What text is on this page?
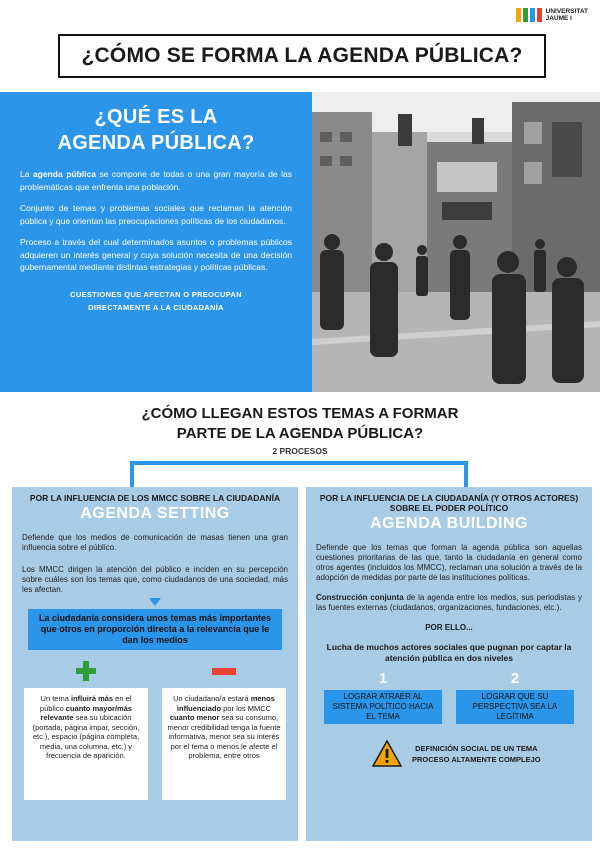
UNIVERSITAT
JAUME I
¿CÓMO SE FORMA LA AGENDA PÚBLICA?
¿QUÉ ES LA
AGENDA PÚBLICA?

La agenda pública se compone de todas o una gran mayoría de las problemáticas que enfrenta una población.

Conjunto de temas y problemas sociales que reclaman la atención pública y que orientan las preocupaciones políticas de los ciudadanos.

Proceso a través del cual determinados asuntos o problemas públicos adquieren un interés general y cuya solución necesita de una decisión gubernamental mediante distintas estrategias y políticas públicas.

CUESTIONES QUE AFECTAN O PREOCUPAN
DIRECTAMENTE A LA CIUDADANÍA
¿CÓMO LLEGAN ESTOS TEMAS A FORMAR
PARTE DE LA AGENDA PÚBLICA?
2 PROCESOS
POR LA INFLUENCIA DE LOS MMCC SOBRE LA CIUDADANÍA
AGENDA SETTING

Defiende que los medios de comunicación de masas tienen una gran influencia sobre el público.

Los MMCC dirigen la atención del público e inciden en su percepción sobre cuáles son los temas que, como ciudadanos de una sociedad, más les afectan.

La ciudadanía considera unos temas más importantes que otros en proporción directa a la relevancia que le dan los medios
Un tema influirá más en el público cuanto mayor/más relevante sea su ubicación (portada, página impar, sección, etc.), espacio (página completa, media, una columna, etc.) y frecuencia de aparición.
Un ciudadano/a estará menos influenciado por los MMCC cuanto menor sea su consumo, menor credibilidad tenga la fuente informativa, menor sea su interés por el tema o menos le afecte el problema, entre otros
POR LA INFLUENCIA DE LA CIUDADANÍA (Y OTROS ACTORES) SOBRE EL PODER POLÍTICO
AGENDA BUILDING

Defiende que los temas que forman la agenda pública son aquellas cuestiones prioritarias de las que, tanto la ciudadanía en general como otros agentes (incluidos los MMCC), reclaman una solución a través de la adopción de medidas por parte de las instituciones políticas.

Construcción conjunta de la agenda entre los medios, sus periodistas y las fuentes externas (ciudadanos, organizaciones, fundaciones, etc.).

POR ELLO...
Lucha de muchos actores sociales que pugnan por captar la atención pública en dos niveles
1
LOGRAR ATRAER AL SISTEMA POLÍTICO HACIA EL TEMA
2
LOGRAR QUE SU PERSPECTIVA SEA LA LEGÍTIMA
DEFINICIÓN SOCIAL DE UN TEMA
PROCESO ALTAMENTE COMPLEJO
